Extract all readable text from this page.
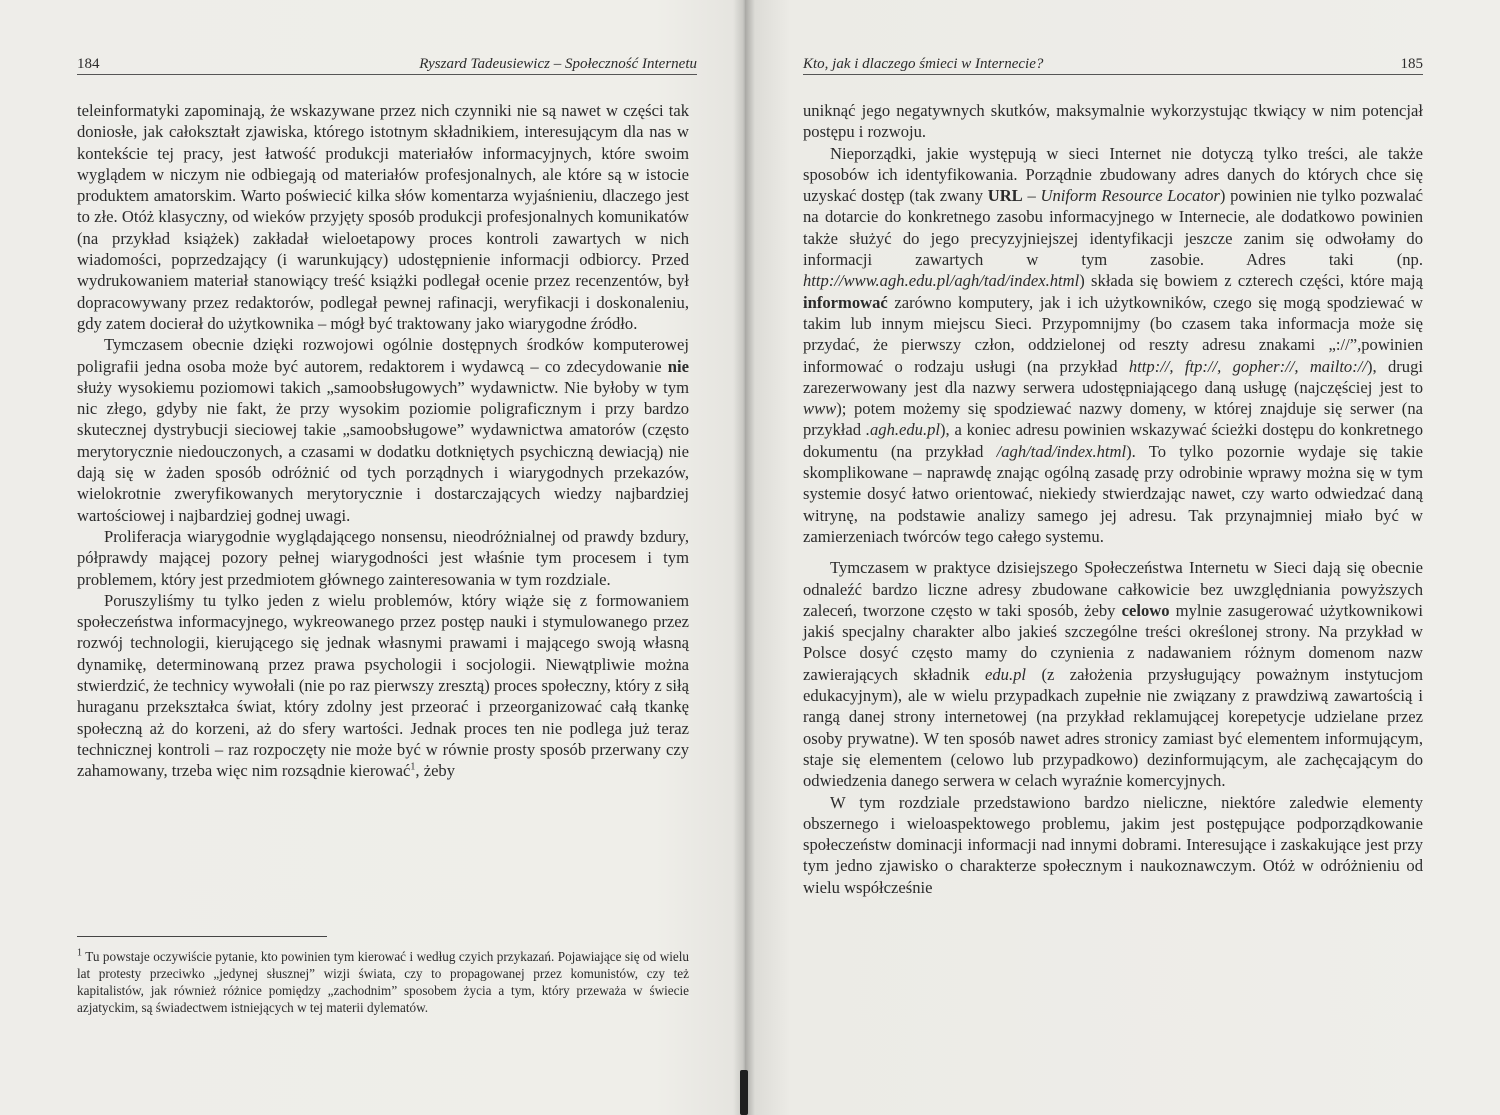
184	Ryszard Tadeusiewicz – Społeczność Internetu

teleinformatyki zapominają, że wskazywane przez nich czynniki nie są nawet w części tak doniosłe, jak całokształt zjawiska, którego istotnym składnikiem, interesującym dla nas w kontekście tej pracy, jest łatwość produkcji materiałów informacyjnych, które swoim wyglądem w niczym nie odbiegają od materiałów profesjonalnych, ale które są w istocie produktem amatorskim. Warto poświecić kilka słów komentarza wyjaśnieniu, dlaczego jest to złe. Otóż klasyczny, od wieków przyjęty sposób produkcji profesjonalnych komunikatów (na przykład książek) zakładał wieloetapowy proces kontroli zawartych w nich wiadomości, poprzedzający (i warunkujący) udostępnienie informacji odbiorcy. Przed wydrukowaniem materiał stanowiący treść książki podlegał ocenie przez recenzentów, był dopracowywany przez redaktorów, podlegał pewnej rafinacji, weryfikacji i doskonaleniu, gdy zatem docierał do użytkownika – mógł być traktowany jako wiarygodne źródło.

Tymczasem obecnie dzięki rozwojowi ogólnie dostępnych środków komputerowej poligrafii jedna osoba może być autorem, redaktorem i wydawcą – co zdecydowanie nie służy wysokiemu poziomowi takich „samoobsługowych” wydawnictw. Nie byłoby w tym nic złego, gdyby nie fakt, że przy wysokim poziomie poligraficznym i przy bardzo skutecznej dystrybucji sieciowej takie „samoobsługowe” wydawnictwa amatorów (często merytorycznie niedouczonych, a czasami w dodatku dotkniętych psychiczną dewiacją) nie dają się w żaden sposób odróżnić od tych porządnych i wiarygodnych przekazów, wielokrotnie zweryfikowanych merytorycznie i dostarczających wiedzy najbardziej wartościowej i najbardziej godnej uwagi.

Proliferacja wiarygodnie wyglądającego nonsensu, nieodróżnialnej od prawdy bzdury, półprawdy mającej pozory pełnej wiarygodności jest właśnie tym procesem i tym problemem, który jest przedmiotem głównego zainteresowania w tym rozdziale.

Poruszyliśmy tu tylko jeden z wielu problemów, który wiąże się z formowaniem społeczeństwa informacyjnego, wykreowanego przez postęp nauki i stymulowanego przez rozwój technologii, kierującego się jednak własnymi prawami i mającego swoją własną dynamikę, determinowaną przez prawa psychologii i socjologii. Niewątpliwie można stwierdzić, że technicy wywołali (nie po raz pierwszy zresztą) proces społeczny, który z siłą huraganu przekształca świat, który zdolny jest przeorać i przeorganizować całą tkankę społeczną aż do korzeni, aż do sfery wartości. Jednak proces ten nie podlega już teraz technicznej kontroli – raz rozpoczęty nie może być w równie prosty sposób przerwany czy zahamowany, trzeba więc nim rozsądnie kierować$^1$, żeby

$^1$ Tu powstaje oczywiście pytanie, kto powinien tym kierować i według czyich przykazań. Pojawiające się od wielu lat protesty przeciwko „jedynej słusznej” wizji świata, czy to propagowanej przez komunistów, czy też kapitalistów, jak również różnice pomiędzy „zachodnim” sposobem życia a tym, który przeważa w świecie azjatyckim, są świadectwem istniejących w tej materii dylematów.
Kto, jak i dlaczego śmieci w Internecie?	185

uniknąć jego negatywnych skutków, maksymalnie wykorzystując tkwiący w nim potencjał postępu i rozwoju.

Nieporządki, jakie występują w sieci Internet nie dotyczą tylko treści, ale także sposobów ich identyfikowania. Porządnie zbudowany adres danych do których chce się uzyskać dostęp (tak zwany URL – Uniform Resource Locator) powinien nie tylko pozwalać na dotarcie do konkretnego zasobu informacyjnego w Internecie, ale dodatkowo powinien także służyć do jego precyzyjniejszej identyfikacji jeszcze zanim się odwołamy do informacji zawartych w tym zasobie. Adres taki (np. http://www.agh.edu.pl/agh/tad/index.html) składa się bowiem z czterech części, które mają informować zarówno komputery, jak i ich użytkowników, czego się mogą spodziewać w takim lub innym miejscu Sieci. Przypomnijmy (bo czasem taka informacja może się przydać, że pierwszy człon, oddzielonej od reszty adresu znakami „://”,powinien informować o rodzaju usługi (na przykład http://, ftp://, gopher://, mailto://), drugi zarezerwowany jest dla nazwy serwera udostępniającego daną usługę (najczęściej jest to www); potem możemy się spodziewać nazwy domeny, w której znajduje się serwer (na przykład .agh.edu.pl), a koniec adresu powinien wskazywać ścieżki dostępu do konkretnego dokumentu (na przykład /agh/tad/index.html). To tylko pozornie wydaje się takie skomplikowane – naprawdę znając ogólną zasadę przy odrobinie wprawy można się w tym systemie dosyć łatwo orientować, niekiedy stwierdzając nawet, czy warto odwiedzać daną witrynę, na podstawie analizy samego jej adresu. Tak przynajmniej miało być w zamierzeniach twórców tego całego systemu.

Tymczasem w praktyce dzisiejszego Społeczeństwa Internetu w Sieci dają się obecnie odnaleźć bardzo liczne adresy zbudowane całkowicie bez uwzględniania powyższych zaleceń, tworzone często w taki sposób, żeby celowo mylnie zasugerować użytkownikowi jakiś specjalny charakter albo jakieś szczególne treści określonej strony. Na przykład w Polsce dosyć często mamy do czynienia z nadawaniem różnym domenom nazw zawierających składnik edu.pl (z założenia przysługujący poważnym instytucjom edukacyjnym), ale w wielu przypadkach zupełnie nie związany z prawdziwą zawartością i rangą danej strony internetowej (na przykład reklamującej korepetycje udzielane przez osoby prywatne). W ten sposób nawet adres stronicy zamiast być elementem informującym, staje się elementem (celowo lub przypadkowo) dezinformującym, ale zachęcającym do odwiedzenia danego serwera w celach wyraźnie komercyjnych.

W tym rozdziale przedstawiono bardzo nieliczne, niektóre zaledwie elementy obszernego i wieloaspektowego problemu, jakim jest postępujące podporządkowanie społeczeństw dominacji informacji nad innymi dobrami. Interesujące i zaskakujące jest przy tym jedno zjawisko o charakterze społecznym i naukoznawczym. Otóż w odróżnieniu od wielu współcześnie
